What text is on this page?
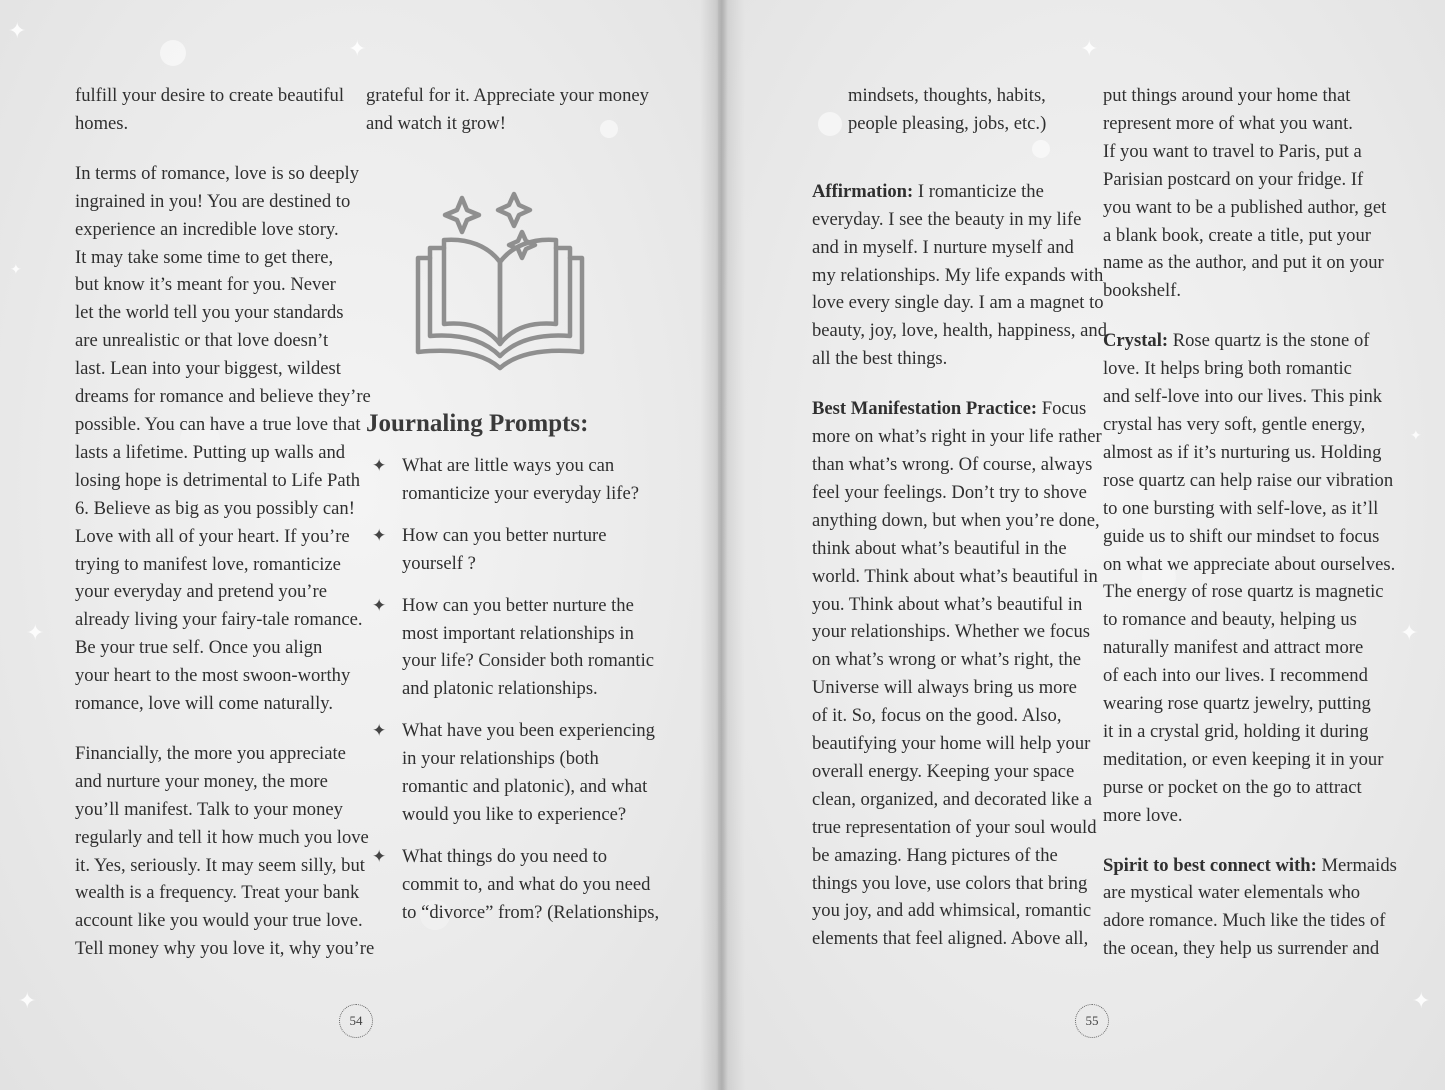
✦
✦
✦
✦
✦
✦
✦
✦
✦

fulfill your desire to create beautiful
homes.

In terms of romance, love is so deeply
ingrained in you! You are destined to
experience an incredible love story.
It may take some time to get there,
but know it’s meant for you. Never
let the world tell you your standards
are unrealistic or that love doesn’t
last. Lean into your biggest, wildest
dreams for romance and believe they’re
possible. You can have a true love that
lasts a lifetime. Putting up walls and
losing hope is detrimental to Life Path
6. Believe as big as you possibly can!
Love with all of your heart. If you’re
trying to manifest love, romanticize
your everyday and pretend you’re
already living your fairy-tale romance.
Be your true self. Once you align
your heart to the most swoon-worthy
romance, love will come naturally.

Financially, the more you appreciate
and nurture your money, the more
you’ll manifest. Talk to your money
regularly and tell it how much you love
it. Yes, seriously. It may seem silly, but
wealth is a frequency. Treat your bank
account like you would your true love.
Tell money why you love it, why you’re

grateful for it. Appreciate your money
and watch it grow!

Journaling Prompts:
✦ What are little ways you can
romanticize your everyday life?
✦ How can you better nurture
yourself ?
✦ How can you better nurture the
most important relationships in
your life? Consider both romantic
and platonic relationships.
✦ What have you been experiencing
in your relationships (both
romantic and platonic), and what
would you like to experience?
✦ What things do you need to
commit to, and what do you need
to “divorce” from? (Relationships,

mindsets, thoughts, habits,
people pleasing, jobs, etc.)

Affirmation: I romanticize the
everyday. I see the beauty in my life
and in myself. I nurture myself and
my relationships. My life expands with
love every single day. I am a magnet to
beauty, joy, love, health, happiness, and
all the best things.

Best Manifestation Practice: Focus
more on what’s right in your life rather
than what’s wrong. Of course, always
feel your feelings. Don’t try to shove
anything down, but when you’re done,
think about what’s beautiful in the
world. Think about what’s beautiful in
you. Think about what’s beautiful in
your relationships. Whether we focus
on what’s wrong or what’s right, the
Universe will always bring us more
of it. So, focus on the good. Also,
beautifying your home will help your
overall energy. Keeping your space
clean, organized, and decorated like a
true representation of your soul would
be amazing. Hang pictures of the
things you love, use colors that bring
you joy, and add whimsical, romantic
elements that feel aligned. Above all,

put things around your home that
represent more of what you want.
If you want to travel to Paris, put a
Parisian postcard on your fridge. If
you want to be a published author, get
a blank book, create a title, put your
name as the author, and put it on your
bookshelf.

Crystal: Rose quartz is the stone of
love. It helps bring both romantic
and self-love into our lives. This pink
crystal has very soft, gentle energy,
almost as if it’s nurturing us. Holding
rose quartz can help raise our vibration
to one bursting with self-love, as it’ll
guide us to shift our mindset to focus
on what we appreciate about ourselves.
The energy of rose quartz is magnetic
to romance and beauty, helping us
naturally manifest and attract more
of each into our lives. I recommend
wearing rose quartz jewelry, putting
it in a crystal grid, holding it during
meditation, or even keeping it in your
purse or pocket on the go to attract
more love.

Spirit to best connect with: Mermaids
are mystical water elementals who
adore romance. Much like the tides of
the ocean, they help us surrender and

54	55
